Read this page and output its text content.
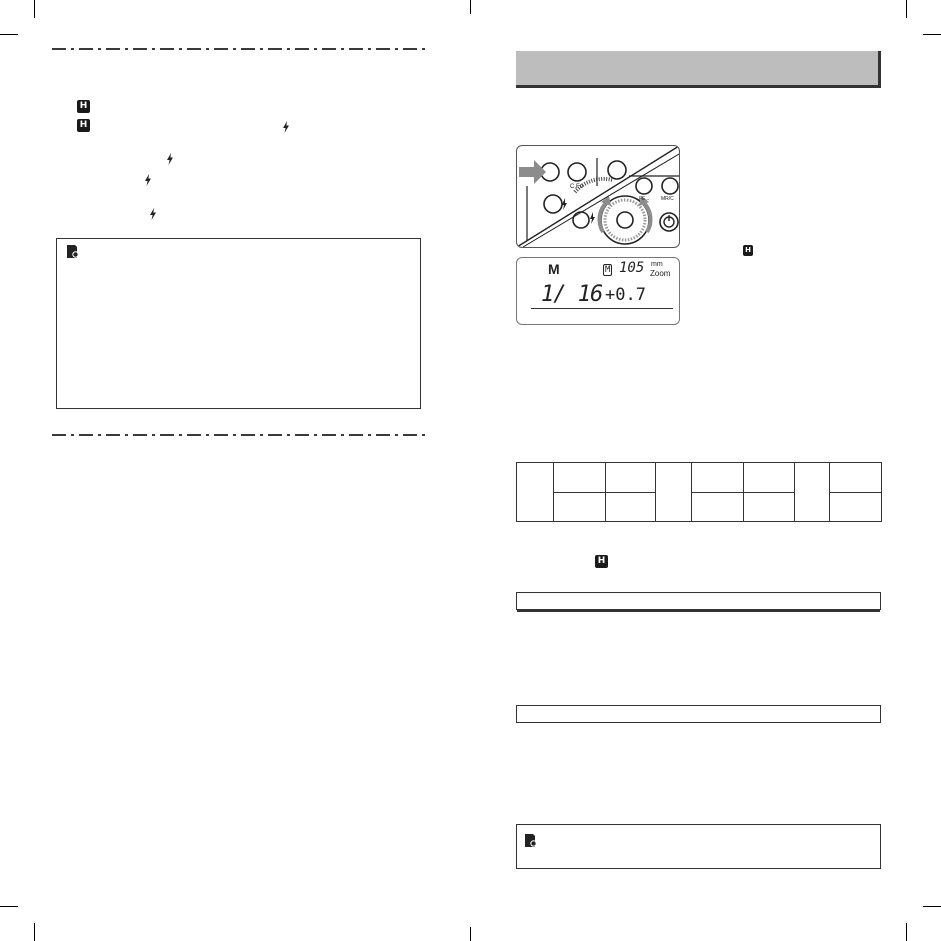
H
H
C.Fn
FE... MR/C
M	M 105 mm
Zoom
1/ 16 +0.7
H

H
